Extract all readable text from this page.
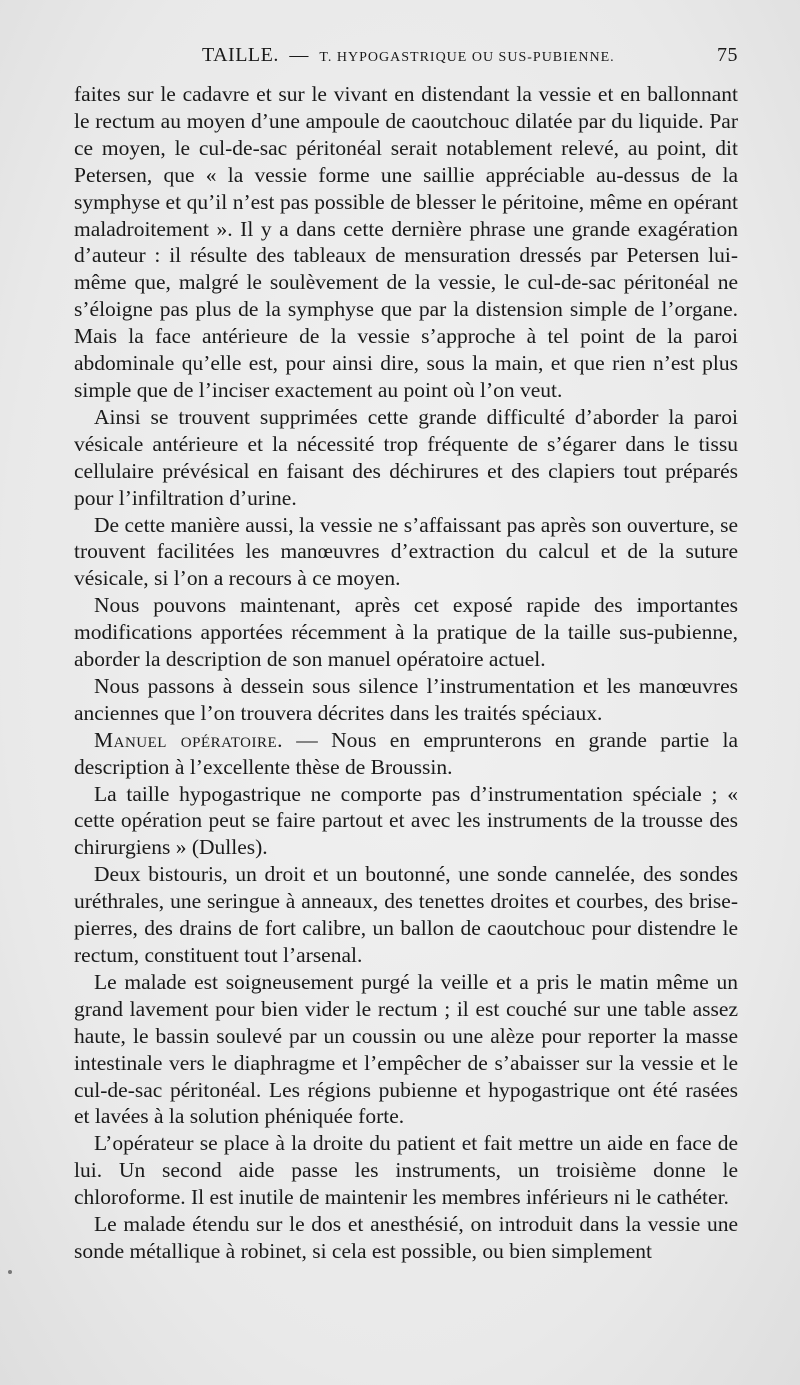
TAILLE. — T. HYPOGASTRIQUE OU SUS-PUBIENNE.	75

faites sur le cadavre et sur le vivant en distendant la vessie et en ballonnant le rectum au moyen d’une ampoule de caoutchouc dilatée par du liquide. Par ce moyen, le cul-de-sac péritonéal serait notablement relevé, au point, dit Petersen, que « la vessie forme une saillie appréciable au-dessus de la symphyse et qu’il n’est pas possible de blesser le péritoine, même en opérant maladroitement ». Il y a dans cette dernière phrase une grande exagération d’auteur : il résulte des tableaux de mensuration dressés par Petersen lui-même que, malgré le soulèvement de la vessie, le cul-de-sac péritonéal ne s’éloigne pas plus de la symphyse que par la distension simple de l’organe. Mais la face antérieure de la vessie s’approche à tel point de la paroi abdominale qu’elle est, pour ainsi dire, sous la main, et que rien n’est plus simple que de l’inciser exactement au point où l’on veut.

Ainsi se trouvent supprimées cette grande difficulté d’aborder la paroi vésicale antérieure et la nécessité trop fréquente de s’égarer dans le tissu cellulaire prévésical en faisant des déchirures et des clapiers tout préparés pour l’infiltration d’urine.

De cette manière aussi, la vessie ne s’affaissant pas après son ouverture, se trouvent facilitées les manœuvres d’extraction du calcul et de la suture vésicale, si l’on a recours à ce moyen.

Nous pouvons maintenant, après cet exposé rapide des importantes modifications apportées récemment à la pratique de la taille sus-pubienne, aborder la description de son manuel opératoire actuel.

Nous passons à dessein sous silence l’instrumentation et les manœuvres anciennes que l’on trouvera décrites dans les traités spéciaux.

Manuel opératoire. — Nous en emprunterons en grande partie la description à l’excellente thèse de Broussin.

La taille hypogastrique ne comporte pas d’instrumentation spéciale ; « cette opération peut se faire partout et avec les instruments de la trousse des chirurgiens » (Dulles).

Deux bistouris, un droit et un boutonné, une sonde cannelée, des sondes uréthrales, une seringue à anneaux, des tenettes droites et courbes, des brise-pierres, des drains de fort calibre, un ballon de caoutchouc pour distendre le rectum, constituent tout l’arsenal.

Le malade est soigneusement purgé la veille et a pris le matin même un grand lavement pour bien vider le rectum ; il est couché sur une table assez haute, le bassin soulevé par un coussin ou une alèze pour reporter la masse intestinale vers le diaphragme et l’empêcher de s’abaisser sur la vessie et le cul-de-sac péritonéal. Les régions pubienne et hypogastrique ont été rasées et lavées à la solution phéniquée forte.

L’opérateur se place à la droite du patient et fait mettre un aide en face de lui. Un second aide passe les instruments, un troisième donne le chloroforme. Il est inutile de maintenir les membres inférieurs ni le cathéter.

Le malade étendu sur le dos et anesthésié, on introduit dans la vessie une sonde métallique à robinet, si cela est possible, ou bien simplement
